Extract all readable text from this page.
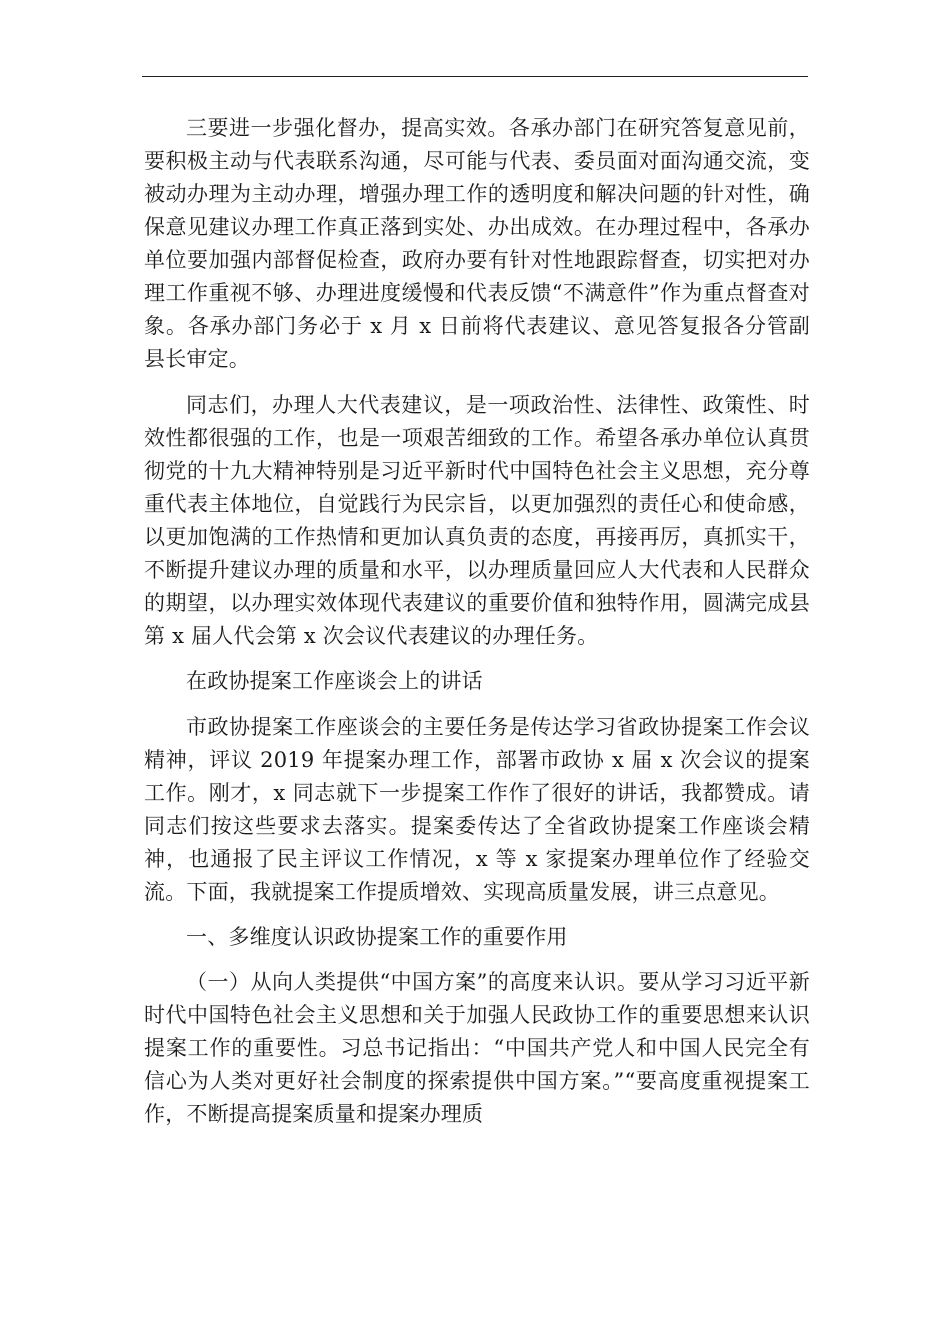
三要进一步强化督办，提高实效。各承办部门在研究答复意见前，要积极主动与代表联系沟通，尽可能与代表、委员面对面沟通交流，变被动办理为主动办理，增强办理工作的透明度和解决问题的针对性，确保意见建议办理工作真正落到实处、办出成效。在办理过程中，各承办单位要加强内部督促检查，政府办要有针对性地跟踪督查，切实把对办理工作重视不够、办理进度缓慢和代表反馈“不满意件”作为重点督查对象。各承办部门务必于 x 月 x 日前将代表建议、意见答复报各分管副县长审定。

同志们，办理人大代表建议，是一项政治性、法律性、政策性、时效性都很强的工作，也是一项艰苦细致的工作。希望各承办单位认真贯彻党的十九大精神特别是习近平新时代中国特色社会主义思想，充分尊重代表主体地位，自觉践行为民宗旨，以更加强烈的责任心和使命感，以更加饱满的工作热情和更加认真负责的态度，再接再厉，真抓实干，不断提升建议办理的质量和水平，以办理质量回应人大代表和人民群众的期望，以办理实效体现代表建议的重要价值和独特作用，圆满完成县第 x 届人代会第 x 次会议代表建议的办理任务。

在政协提案工作座谈会上的讲话

市政协提案工作座谈会的主要任务是传达学习省政协提案工作会议精神，评议 2019 年提案办理工作，部署市政协 x 届 x 次会议的提案工作。刚才，x 同志就下一步提案工作作了很好的讲话，我都赞成。请同志们按这些要求去落实。提案委传达了全省政协提案工作座谈会精神，也通报了民主评议工作情况，x 等 x 家提案办理单位作了经验交流。下面，我就提案工作提质增效、实现高质量发展，讲三点意见。

一、多维度认识政协提案工作的重要作用

（一）从向人类提供“中国方案”的高度来认识。要从学习习近平新时代中国特色社会主义思想和关于加强人民政协工作的重要思想来认识提案工作的重要性。习总书记指出：“中国共产党人和中国人民完全有信心为人类对更好社会制度的探索提供中国方案。”“要高度重视提案工作，不断提高提案质量和提案办理质
